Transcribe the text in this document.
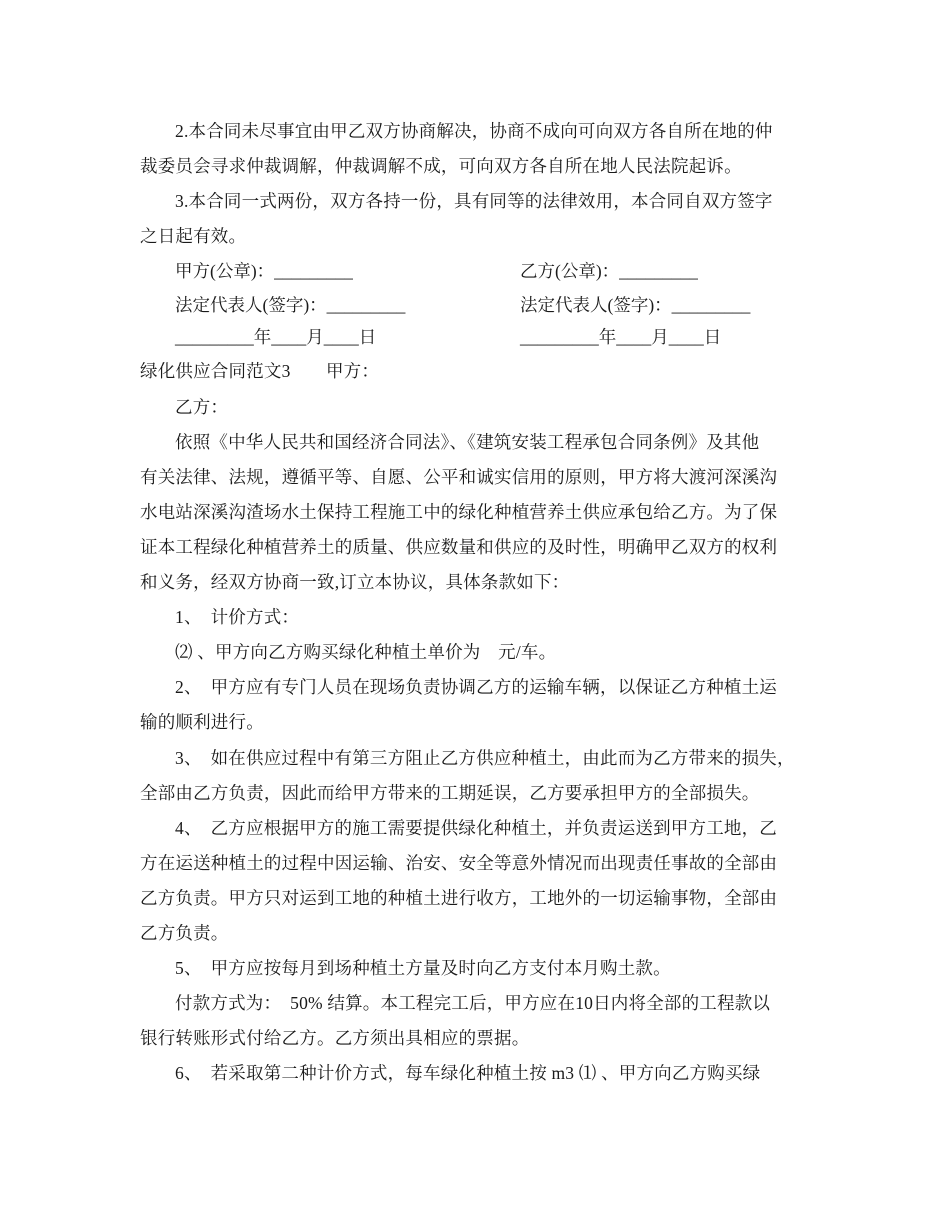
2.本合同未尽事宜由甲乙双方协商解决，协商不成向可向双方各自所在地的仲
裁委员会寻求仲裁调解，仲裁调解不成，可向双方各自所在地人民法院起诉。
3.本合同一式两份，双方各持一份，具有同等的法律效用，本合同自双方签字
之日起有效。
甲方(公章)：_________	乙方(公章)：_________
法定代表人(签字)：_________	法定代表人(签字)：_________
_________年____月____日	_________年____月____日
绿化供应合同范文3　　甲方：
乙方：
依照《中华人民共和国经济合同法》、《建筑安装工程承包合同条例》及其他
有关法律、法规，遵循平等、自愿、公平和诚实信用的原则，甲方将大渡河深溪沟
水电站深溪沟渣场水土保持工程施工中的绿化种植营养土供应承包给乙方。为了保
证本工程绿化种植营养土的质量、供应数量和供应的及时性，明确甲乙双方的权利
和义务，经双方协商一致,订立本协议，具体条款如下：
1、　计价方式：
⑵ 、甲方向乙方购买绿化种植土单价为　元/车。
2、　甲方应有专门人员在现场负责协调乙方的运输车辆，以保证乙方种植土运
输的顺利进行。
3、　如在供应过程中有第三方阻止乙方供应种植土，由此而为乙方带来的损失，
全部由乙方负责，因此而给甲方带来的工期延误，乙方要承担甲方的全部损失。
4、　乙方应根据甲方的施工需要提供绿化种植土，并负责运送到甲方工地，乙
方在运送种植土的过程中因运输、治安、安全等意外情况而出现责任事故的全部由
乙方负责。甲方只对运到工地的种植土进行收方，工地外的一切运输事物，全部由
乙方负责。
5、　甲方应按每月到场种植土方量及时向乙方支付本月购土款。
付款方式为：　50% 结算。本工程完工后，甲方应在10日内将全部的工程款以
银行转账形式付给乙方。乙方须出具相应的票据。
6、　若采取第二种计价方式，每车绿化种植土按 m3 ⑴ 、甲方向乙方购买绿
